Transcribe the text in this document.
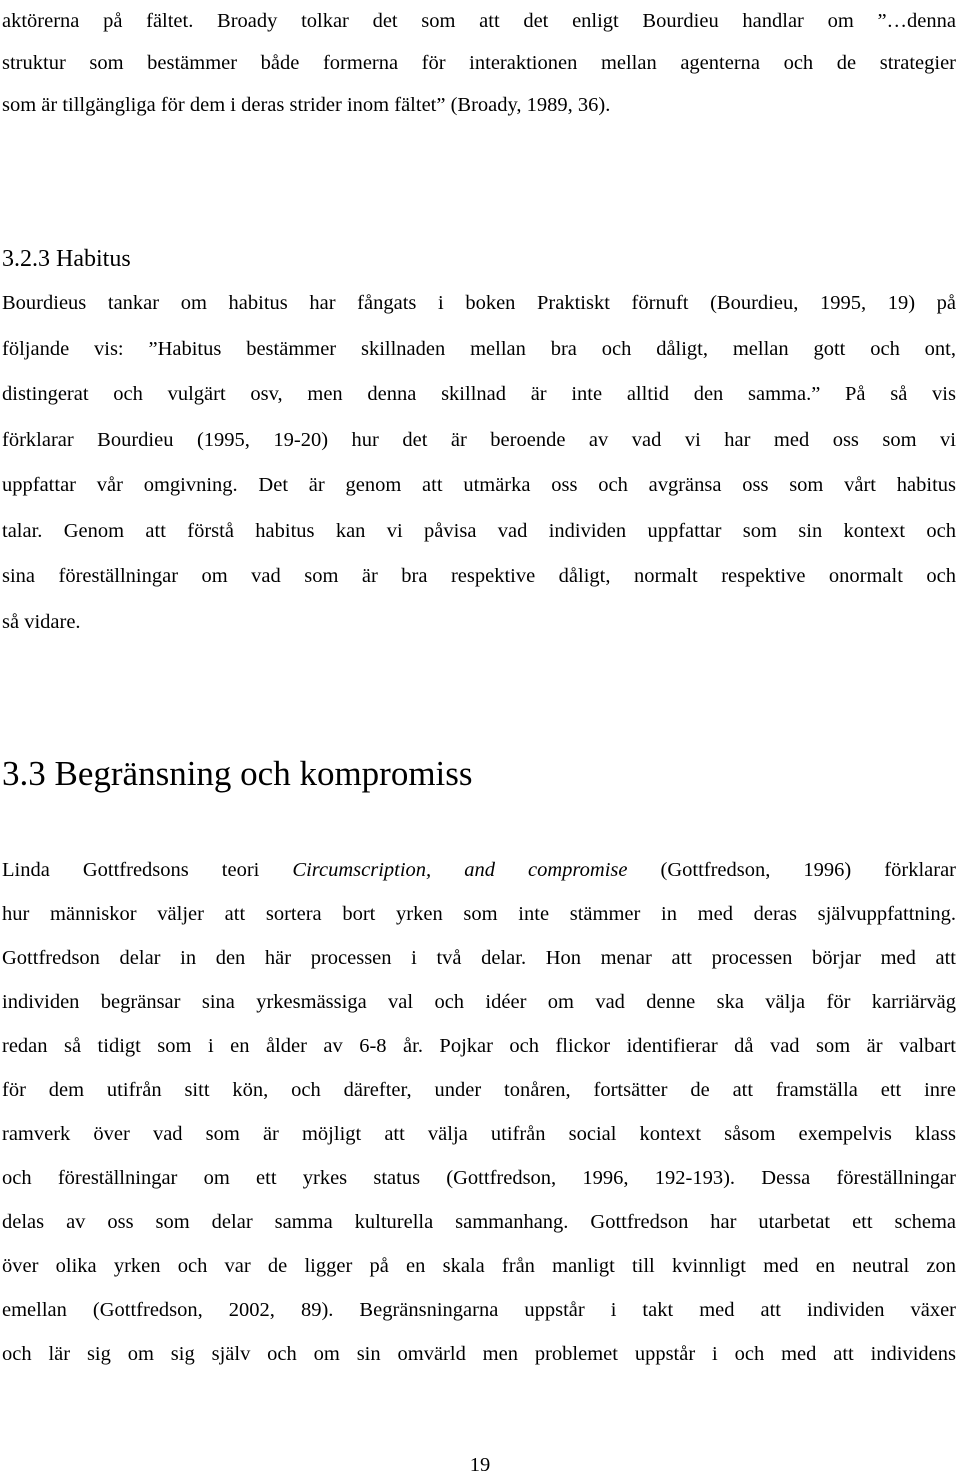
aktörerna på fältet. Broady tolkar det som att det enligt Bourdieu handlar om ”…denna
struktur som bestämmer både formerna för interaktionen mellan agenterna och de strategier
som är tillgängliga för dem i deras strider inom fältet” (Broady, 1989, 36).

3.2.3 Habitus

Bourdieus tankar om habitus har fångats i boken Praktiskt förnuft (Bourdieu, 1995, 19) på
följande vis: ”Habitus bestämmer skillnaden mellan bra och dåligt, mellan gott och ont,
distingerat och vulgärt osv, men denna skillnad är inte alltid den samma.” På så vis
förklarar Bourdieu (1995, 19-20) hur det är beroende av vad vi har med oss som vi
uppfattar vår omgivning. Det är genom att utmärka oss och avgränsa oss som vårt habitus
talar. Genom att förstå habitus kan vi påvisa vad individen uppfattar som sin kontext och
sina föreställningar om vad som är bra respektive dåligt, normalt respektive onormalt och
så vidare.

3.3 Begränsning och kompromiss

Linda Gottfredsons teori Circumscription, and compromise (Gottfredson, 1996) förklarar
hur människor väljer att sortera bort yrken som inte stämmer in med deras självuppfattning.
Gottfredson delar in den här processen i två delar. Hon menar att processen börjar med att
individen begränsar sina yrkesmässiga val och idéer om vad denne ska välja för karriärväg
redan så tidigt som i en ålder av 6-8 år. Pojkar och flickor identifierar då vad som är valbart
för dem utifrån sitt kön, och därefter, under tonåren, fortsätter de att framställa ett inre
ramverk över vad som är möjligt att välja utifrån social kontext såsom exempelvis klass
och föreställningar om ett yrkes status (Gottfredson, 1996, 192-193). Dessa föreställningar
delas av oss som delar samma kulturella sammanhang. Gottfredson har utarbetat ett schema
över olika yrken och var de ligger på en skala från manligt till kvinnligt med en neutral zon
emellan (Gottfredson, 2002, 89). Begränsningarna uppstår i takt med att individen växer
och lär sig om sig själv och om sin omvärld men problemet uppstår i och med att individens

19
